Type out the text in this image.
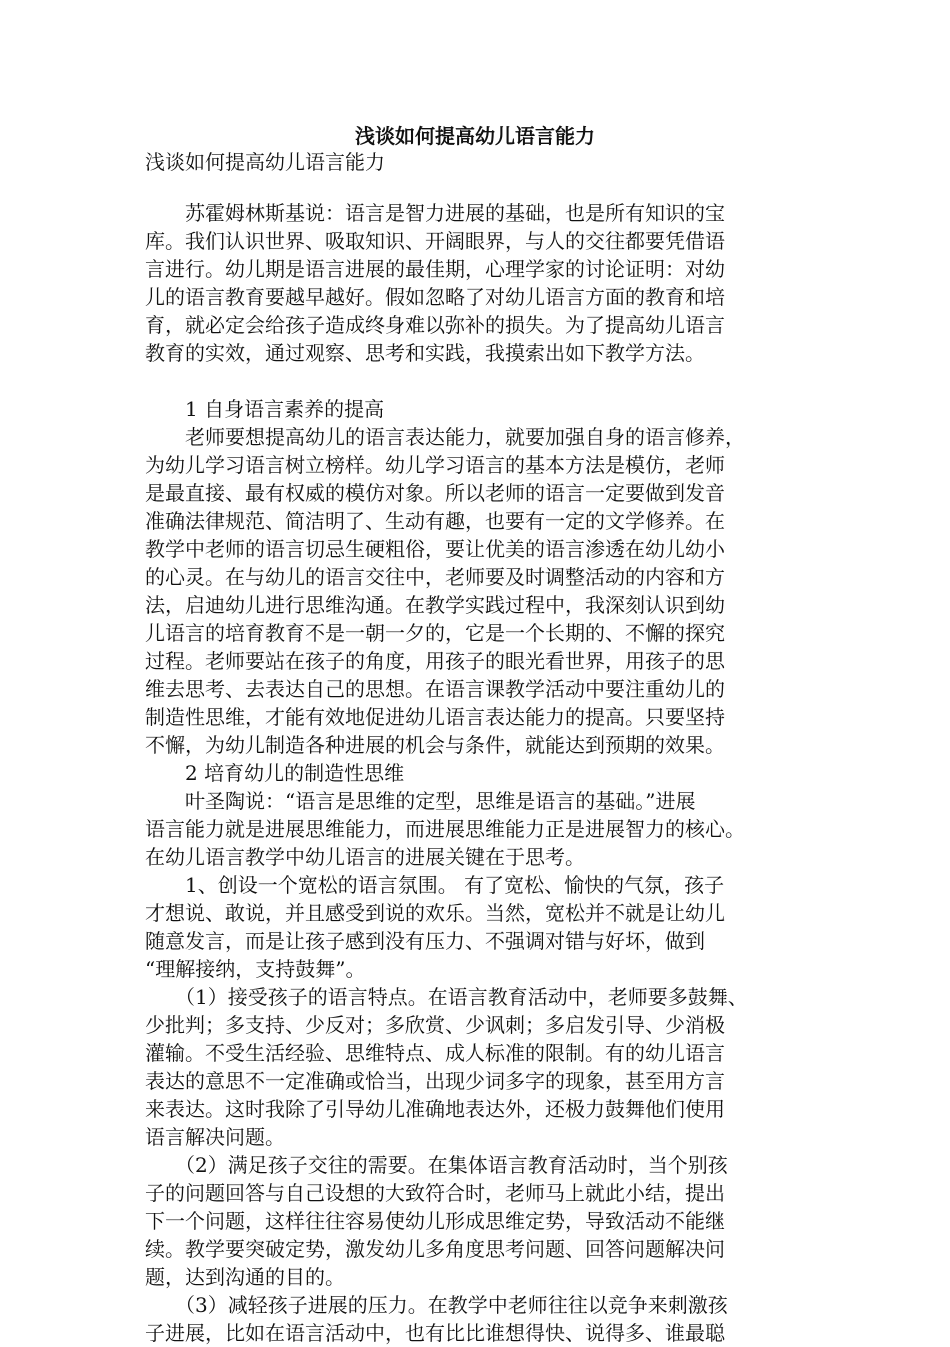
浅谈如何提高幼儿语言能力
浅谈如何提高幼儿语言能力
　　苏霍姆林斯基说：语言是智力进展的基础，也是所有知识的宝
库。我们认识世界、吸取知识、开阔眼界，与人的交往都要凭借语
言进行。幼儿期是语言进展的最佳期，心理学家的讨论证明：对幼
儿的语言教育要越早越好。假如忽略了对幼儿语言方面的教育和培
育，就必定会给孩子造成终身难以弥补的损失。为了提高幼儿语言
教育的实效，通过观察、思考和实践，我摸索出如下教学方法。
　　1 自身语言素养的提高
　　老师要想提高幼儿的语言表达能力，就要加强自身的语言修养，
为幼儿学习语言树立榜样。幼儿学习语言的基本方法是模仿，老师
是最直接、最有权威的模仿对象。所以老师的语言一定要做到发音
准确法律规范、简洁明了、生动有趣，也要有一定的文学修养。在
教学中老师的语言切忌生硬粗俗，要让优美的语言渗透在幼儿幼小
的心灵。在与幼儿的语言交往中，老师要及时调整活动的内容和方
法，启迪幼儿进行思维沟通。在教学实践过程中，我深刻认识到幼
儿语言的培育教育不是一朝一夕的，它是一个长期的、不懈的探究
过程。老师要站在孩子的角度，用孩子的眼光看世界，用孩子的思
维去思考、去表达自己的思想。在语言课教学活动中要注重幼儿的
制造性思维，才能有效地促进幼儿语言表达能力的提高。只要坚持
不懈，为幼儿制造各种进展的机会与条件，就能达到预期的效果。
　　2 培育幼儿的制造性思维
　　叶圣陶说：“语言是思维的定型，思维是语言的基础。”进展
语言能力就是进展思维能力，而进展思维能力正是进展智力的核心。
在幼儿语言教学中幼儿语言的进展关键在于思考。
　　1、创设一个宽松的语言氛围。 有了宽松、愉快的气氛，孩子
才想说、敢说，并且感受到说的欢乐。当然，宽松并不就是让幼儿
随意发言，而是让孩子感到没有压力、不强调对错与好坏，做到
“理解接纳，支持鼓舞”。
　　（1）接受孩子的语言特点。在语言教育活动中，老师要多鼓舞、
少批判；多支持、少反对；多欣赏、少讽刺；多启发引导、少消极
灌输。不受生活经验、思维特点、成人标准的限制。有的幼儿语言
表达的意思不一定准确或恰当，出现少词多字的现象，甚至用方言
来表达。这时我除了引导幼儿准确地表达外，还极力鼓舞他们使用
语言解决问题。
　　（2）满足孩子交往的需要。在集体语言教育活动时，当个别孩
子的问题回答与自己设想的大致符合时，老师马上就此小结，提出
下一个问题，这样往往容易使幼儿形成思维定势，导致活动不能继
续。教学要突破定势，激发幼儿多角度思考问题、回答问题解决问
题，达到沟通的目的。
　　（3）减轻孩子进展的压力。在教学中老师往往以竞争来刺激孩
子进展，比如在语言活动中，也有比比谁想得快、说得多、谁最聪
